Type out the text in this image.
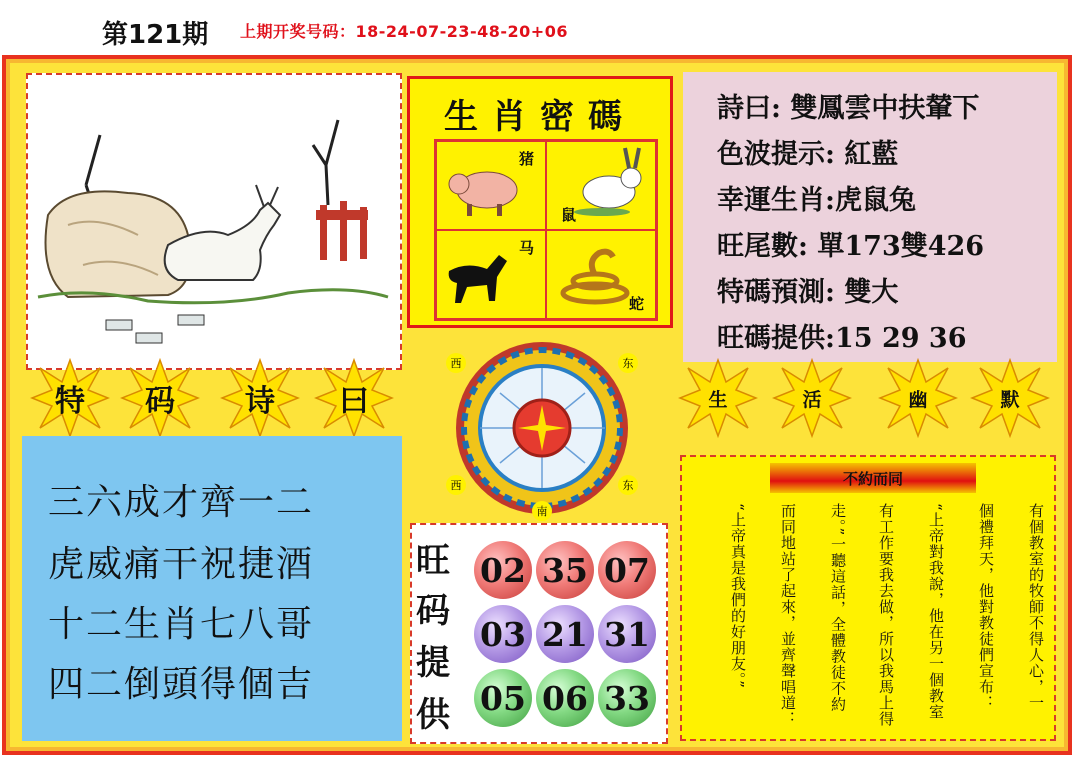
第121期 上期开奖号码：18-24-07-23-48-20+06
生肖密碼
猪
鼠
马
蛇
詩曰: 雙鳳雲中扶輦下
色波提示: 紅藍
幸運生肖:虎鼠兔
旺尾數: 單173雙426
特碼預測: 雙大
旺碼提供:15 29 36
特	码	诗	曰	生	活	幽	默
西	东
西	东
南
三六成才齊一二
虎威痛干祝捷酒
十二生肖七八哥
四二倒頭得個吉
旺
码
提
供
02 35 07
03 21 31
05 06 33
不約而同
有個教室的牧師不得人心，一
個禮拜天，他對教徒們宣布：
“上帝對我說，他在另一個教室
有工作要我去做，所以我馬上得
走。”一聽這話，全體教徒不約
而同地站了起來，並齊聲唱道：
“上帝真是我們的好朋友。”
